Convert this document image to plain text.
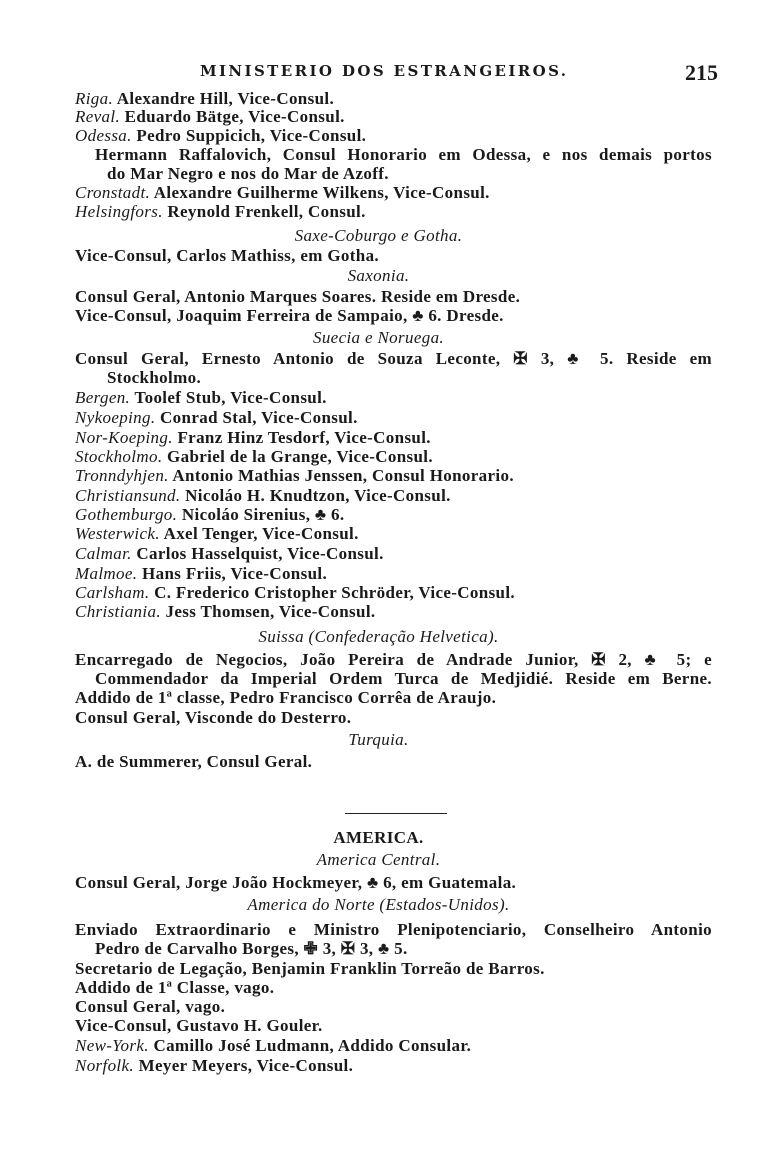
MINISTERIO DOS ESTRANGEIROS.	215
Riga. Alexandre Hill, Vice-Consul.
Reval. Eduardo Bätge, Vice-Consul.
Odessa. Pedro Suppicich, Vice-Consul.
Hermann Raffalovich, Consul Honorario em Odessa, e nos demais portos
do Mar Negro e nos do Mar de Azoff.
Cronstadt. Alexandre Guilherme Wilkens, Vice-Consul.
Helsingfors. Reynold Frenkell, Consul.
Saxe-Coburgo e Gotha.
Vice-Consul, Carlos Mathiss, em Gotha.
Saxonia.
Consul Geral, Antonio Marques Soares. Reside em Dresde.
Vice-Consul, Joaquim Ferreira de Sampaio, ♣ 6. Dresde.
Suecia e Noruega.
Consul Geral, Ernesto Antonio de Souza Leconte, ✠ 3, ♣ 5. Reside em
Stockholmo.
Bergen. Toolef Stub, Vice-Consul.
Nykoeping. Conrad Stal, Vice-Consul.
Nor-Koeping. Franz Hinz Tesdorf, Vice-Consul.
Stockholmo. Gabriel de la Grange, Vice-Consul.
Tronndyhjen. Antonio Mathias Jenssen, Consul Honorario.
Christiansund. Nicoláo H. Knudtzon, Vice-Consul.
Gothemburgo. Nicoláo Sirenius, ♣ 6.
Westerwick. Axel Tenger, Vice-Consul.
Calmar. Carlos Hasselquist, Vice-Consul.
Malmoe. Hans Friis, Vice-Consul.
Carlsham. C. Frederico Cristopher Schröder, Vice-Consul.
Christiania. Jess Thomsen, Vice-Consul.
Suissa (Confederação Helvetica).
Encarregado de Negocios, João Pereira de Andrade Junior, ✠ 2, ♣ 5; e
Commendador da Imperial Ordem Turca de Medjidié. Reside em Berne.
Addido de 1ª classe, Pedro Francisco Corrêa de Araujo.
Consul Geral, Visconde do Desterro.
Turquia.
A. de Summerer, Consul Geral.
AMERICA.
America Central.
Consul Geral, Jorge João Hockmeyer, ♣ 6, em Guatemala.
America do Norte (Estados-Unidos).
Enviado Extraordinario e Ministro Plenipotenciario, Conselheiro Antonio
Pedro de Carvalho Borges, ✙ 3, ✠ 3, ♣ 5.
Secretario de Legação, Benjamin Franklin Torreão de Barros.
Addido de 1ª Classe, vago.
Consul Geral, vago.
Vice-Consul, Gustavo H. Gouler.
New-York. Camillo José Ludmann, Addido Consular.
Norfolk. Meyer Meyers, Vice-Consul.
